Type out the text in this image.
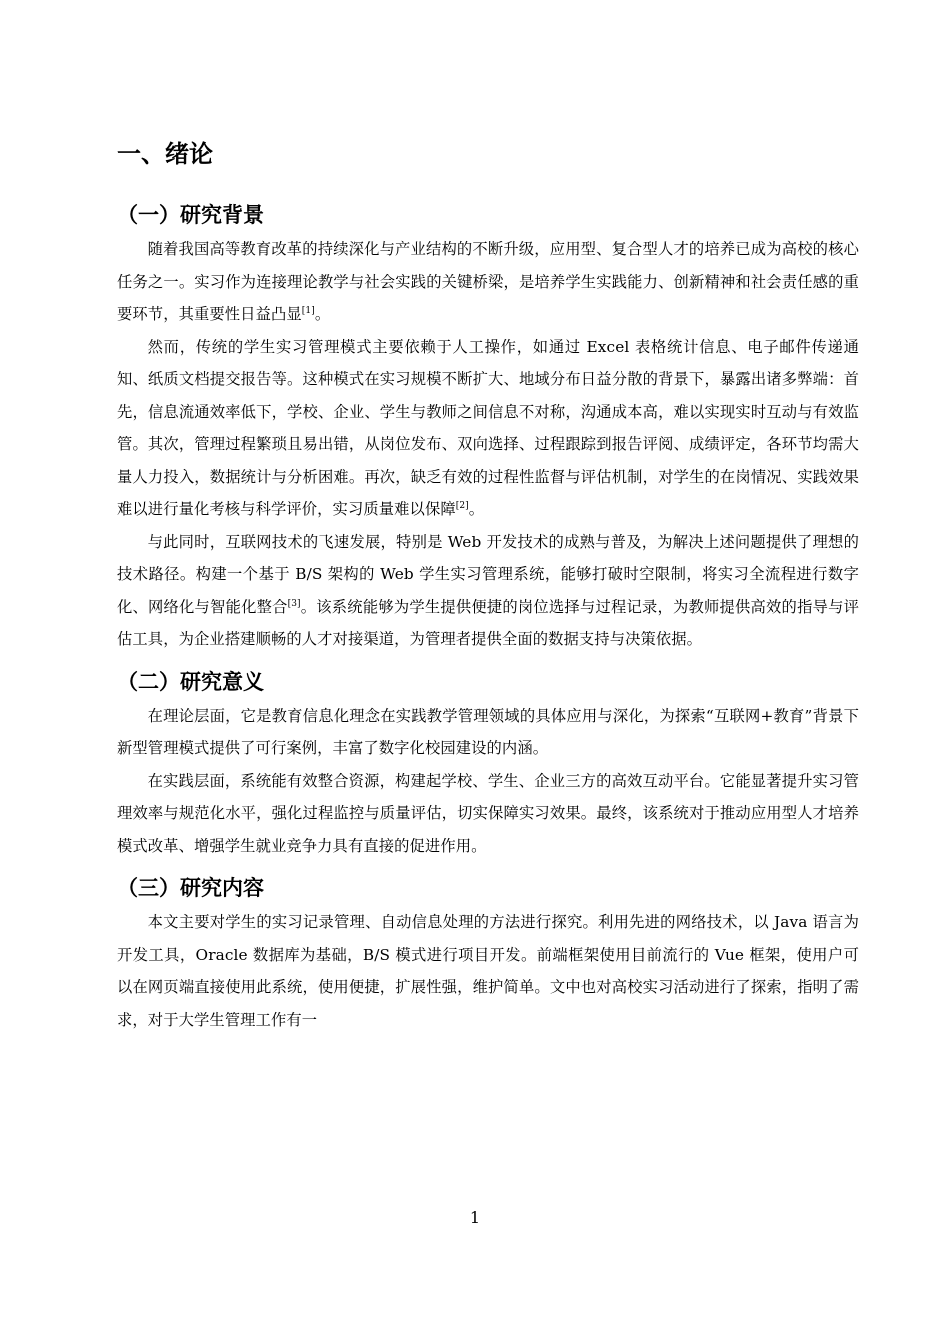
一、绪论
（一）研究背景

随着我国高等教育改革的持续深化与产业结构的不断升级，应用型、复合型人才的培养已成为高校的核心任务之一。实习作为连接理论教学与社会实践的关键桥梁，是培养学生实践能力、创新精神和社会责任感的重要环节，其重要性日益凸显[1]。

然而，传统的学生实习管理模式主要依赖于人工操作，如通过 Excel 表格统计信息、电子邮件传递通知、纸质文档提交报告等。这种模式在实习规模不断扩大、地域分布日益分散的背景下，暴露出诸多弊端：首先，信息流通效率低下，学校、企业、学生与教师之间信息不对称，沟通成本高，难以实现实时互动与有效监管。其次，管理过程繁琐且易出错，从岗位发布、双向选择、过程跟踪到报告评阅、成绩评定，各环节均需大量人力投入，数据统计与分析困难。再次，缺乏有效的过程性监督与评估机制，对学生的在岗情况、实践效果难以进行量化考核与科学评价，实习质量难以保障[2]。

与此同时，互联网技术的飞速发展，特别是 Web 开发技术的成熟与普及，为解决上述问题提供了理想的技术路径。构建一个基于 B/S 架构的 Web 学生实习管理系统，能够打破时空限制，将实习全流程进行数字化、网络化与智能化整合[3]。该系统能够为学生提供便捷的岗位选择与过程记录，为教师提供高效的指导与评估工具，为企业搭建顺畅的人才对接渠道，为管理者提供全面的数据支持与决策依据。

（二）研究意义

在理论层面，它是教育信息化理念在实践教学管理领域的具体应用与深化，为探索“互联网+教育”背景下新型管理模式提供了可行案例，丰富了数字化校园建设的内涵。

在实践层面，系统能有效整合资源，构建起学校、学生、企业三方的高效互动平台。它能显著提升实习管理效率与规范化水平，强化过程监控与质量评估，切实保障实习效果。最终，该系统对于推动应用型人才培养模式改革、增强学生就业竞争力具有直接的促进作用。

（三）研究内容

本文主要对学生的实习记录管理、自动信息处理的方法进行探究。利用先进的网络技术，以 Java 语言为开发工具，Oracle 数据库为基础，B/S 模式进行项目开发。前端框架使用目前流行的 Vue 框架，使用户可以在网页端直接使用此系统，使用便捷，扩展性强，维护简单。文中也对高校实习活动进行了探索，指明了需求，对于大学生管理工作有一

1
